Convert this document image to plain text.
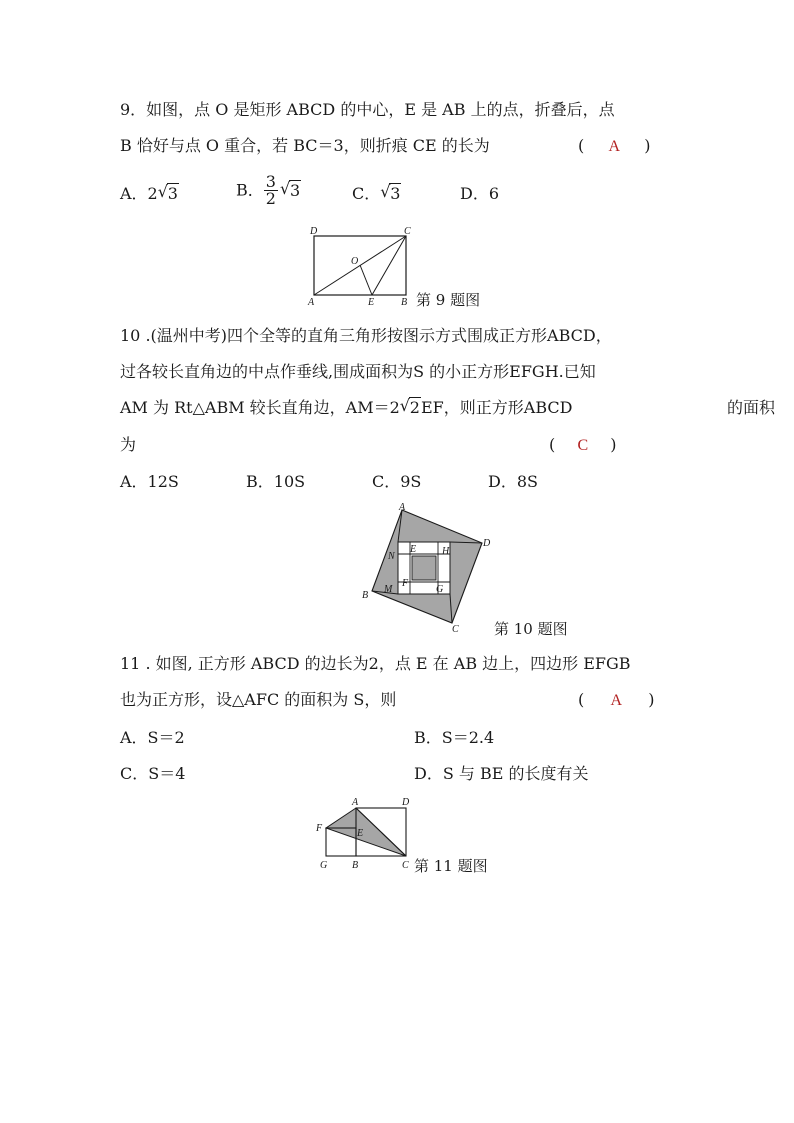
9．如图，点 O 是矩形 ABCD 的中心，E 是 AB 上的点，折叠后，点
B 恰好与点 O 重合，若 BC＝3，则折痕 CE 的长为	( A )
A．2 √ 3	B． $\frac{3}{2}$ √ 3	C． √ 3	D．6
D	C
A	E	B
O
第 9 题图
10 .(温州中考)四个全等的直角三角形按图示方式围成正方形ABCD，
过各较长直角边的中点作垂线,围成面积为S 的小正方形EFGH.已知
AM 为 Rt△ABM 较长直角边，AM＝2 √ 2EF，则正方形ABCD	的面积
为	( C )
A．12S	B．10S	C．9S	D．8S
A
D
C
B
E	H
F
G
N
M
第 10 题图
11 . 如图, 正方形 ABCD 的边长为2，点 E 在 AB 边上，四边形 EFGB
也为正方形，设△AFC 的面积为 S，则	( A )
A．S＝2	B．S＝2.4
C．S＝4	D．S 与 BE 的长度有关
A	D
C
B
G
F	E
第 11 题图
